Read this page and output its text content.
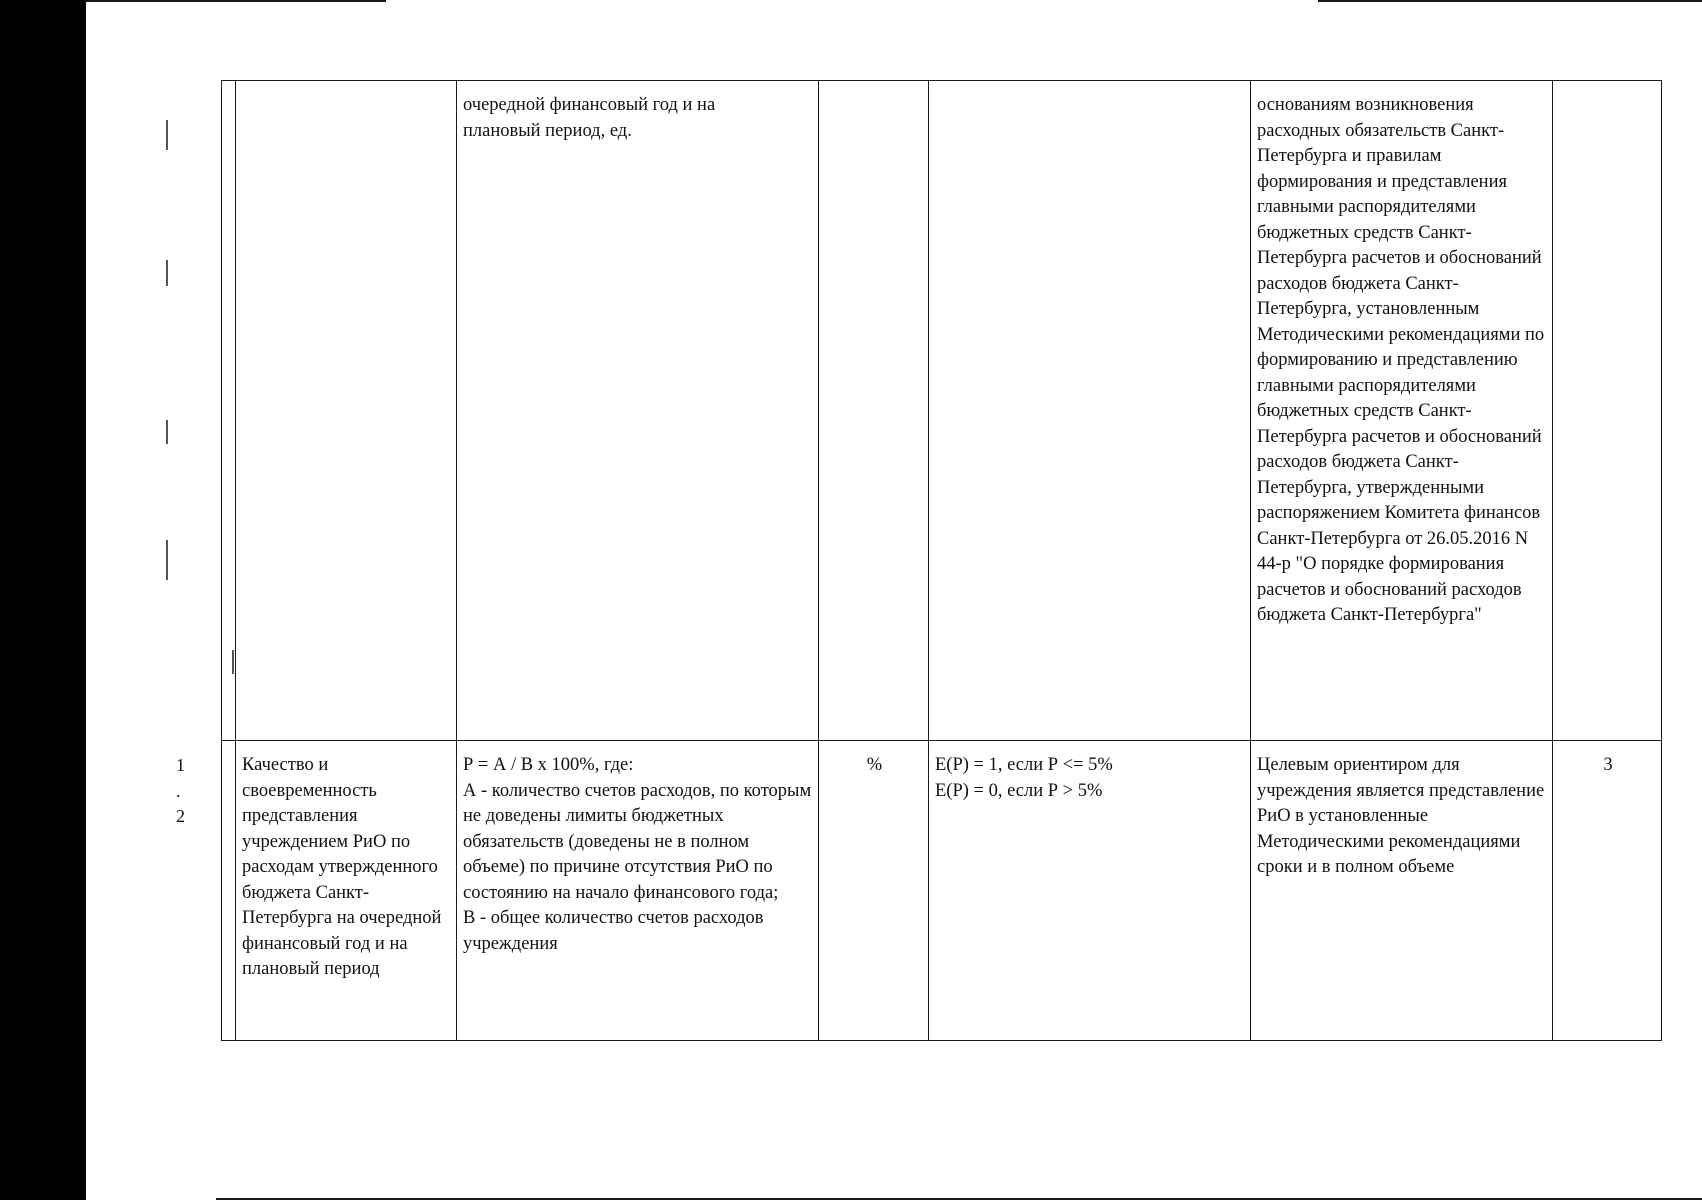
		очередной финансовый год и на
плановый период, ед.			основаниям возникновения расходных обязательств Санкт-Петербурга и правилам формирования и представления главными распорядителями бюджетных средств Санкт-Петербурга расчетов и обоснований расходов бюджета Санкт-Петербурга, установленным Методическими рекомендациями по формированию и представлению главными распорядителями бюджетных средств Санкт-Петербурга расчетов и обоснований расходов бюджета Санкт-Петербурга, утвержденными распоряжением Комитета финансов Санкт-Петербурга от 26.05.2016 N 44-р "О порядке формирования расчетов и обоснований расходов бюджета Санкт-Петербурга"	
1.2	Качество и своевременность представления учреждением РиО по расходам утвержденного бюджета Санкт-Петербурга на очередной финансовый год и на плановый период	Р = А / В х 100%, где:
А - количество счетов расходов, по которым не доведены лимиты бюджетных обязательств (доведены не в полном объеме) по причине отсутствия РиО по состоянию на начало финансового года;
В - общее количество счетов расходов учреждения	%	Е(Р) = 1, если Р <= 5%
Е(Р) = 0, если Р > 5%	Целевым ориентиром для учреждения является представление РиО в установленные Методическими рекомендациями сроки и в полном объеме	3
